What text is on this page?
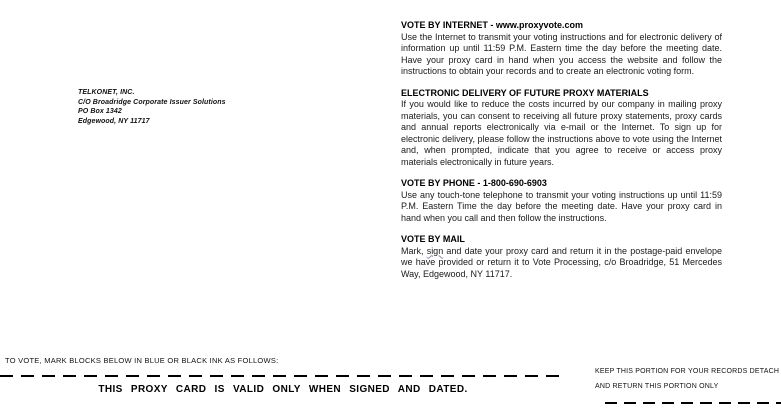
TELKONET, INC.
C/O Broadridge Corporate Issuer Solutions
PO Box 1342
Edgewood, NY 11717
VOTE BY INTERNET - www.proxyvote.com
Use the Internet to transmit your voting instructions and for electronic delivery of information up until 11:59 P.M. Eastern time the day before the meeting date. Have your proxy card in hand when you access the website and follow the instructions to obtain your records and to create an electronic voting form.
ELECTRONIC DELIVERY OF FUTURE PROXY MATERIALS
If you would like to reduce the costs incurred by our company in mailing proxy materials, you can consent to receiving all future proxy statements, proxy cards and annual reports electronically via e-mail or the Internet. To sign up for electronic delivery, please follow the instructions above to vote using the Internet and, when prompted, indicate that you agree to receive or access proxy materials electronically in future years.
VOTE BY PHONE - 1-800-690-6903
Use any touch-tone telephone to transmit your voting instructions up until 11:59 P.M. Eastern Time the day before the meeting date. Have your proxy card in hand when you call and then follow the instructions.
VOTE BY MAIL
Mark, sign and date your proxy card and return it in the postage-paid envelope we have provided or return it to Vote Processing, c/o Broadridge, 51 Mercedes Way, Edgewood, NY 11717.
TO VOTE, MARK BLOCKS BELOW IN BLUE OR BLACK INK AS FOLLOWS:
THIS PROXY CARD IS VALID ONLY WHEN SIGNED AND DATED.
KEEP THIS PORTION FOR YOUR RECORDS DETACH
AND RETURN THIS PORTION ONLY
